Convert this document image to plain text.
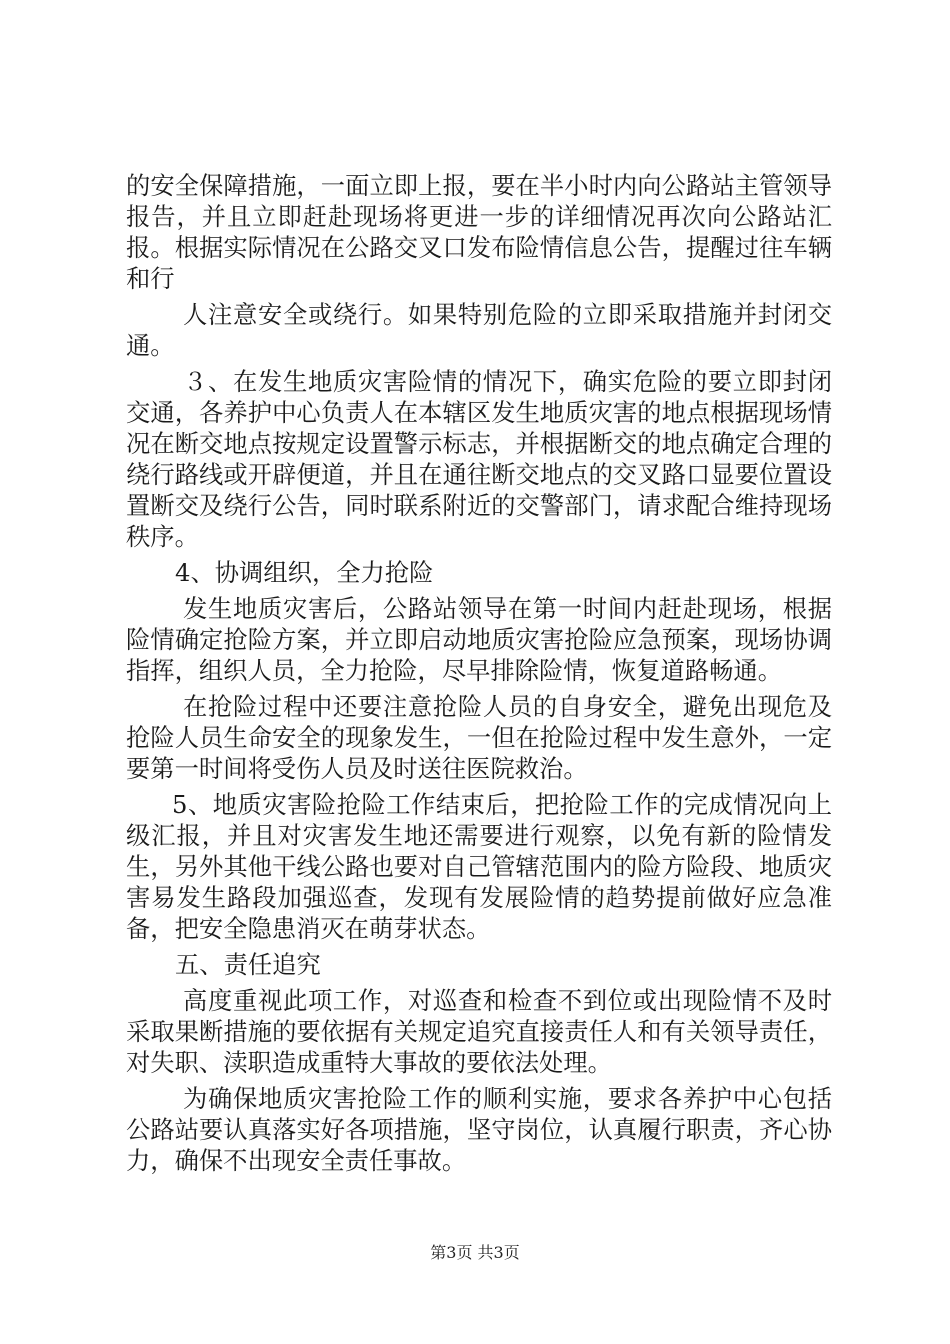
的安全保障措施，一面立即上报，要在半小时内向公路站主管领导报告，并且立即赶赴现场将更进一步的详细情况再次向公路站汇报。根据实际情况在公路交叉口发布险情信息公告，提醒过往车辆和行

人注意安全或绕行。如果特别危险的立即采取措施并封闭交通。

３、在发生地质灾害险情的情况下，确实危险的要立即封闭交通，各养护中心负责人在本辖区发生地质灾害的地点根据现场情况在断交地点按规定设置警示标志，并根据断交的地点确定合理的绕行路线或开辟便道，并且在通往断交地点的交叉路口显要位置设置断交及绕行公告，同时联系附近的交警部门，请求配合维持现场秩序。

4、协调组织，全力抢险

发生地质灾害后，公路站领导在第一时间内赶赴现场，根据险情确定抢险方案，并立即启动地质灾害抢险应急预案，现场协调指挥，组织人员，全力抢险，尽早排除险情，恢复道路畅通。

在抢险过程中还要注意抢险人员的自身安全，避免出现危及抢险人员生命安全的现象发生，一但在抢险过程中发生意外，一定要第一时间将受伤人员及时送往医院救治。

5、地质灾害险抢险工作结束后，把抢险工作的完成情况向上级汇报，并且对灾害发生地还需要进行观察，以免有新的险情发生，另外其他干线公路也要对自己管辖范围内的险方险段、地质灾害易发生路段加强巡查，发现有发展险情的趋势提前做好应急准备，把安全隐患消灭在萌芽状态。

五、责任追究

高度重视此项工作，对巡查和检查不到位或出现险情不及时采取果断措施的要依据有关规定追究直接责任人和有关领导责任，对失职、渎职造成重特大事故的要依法处理。

为确保地质灾害抢险工作的顺利实施，要求各养护中心包括公路站要认真落实好各项措施，坚守岗位，认真履行职责，齐心协力，确保不出现安全责任事故。

第3页 共3页
